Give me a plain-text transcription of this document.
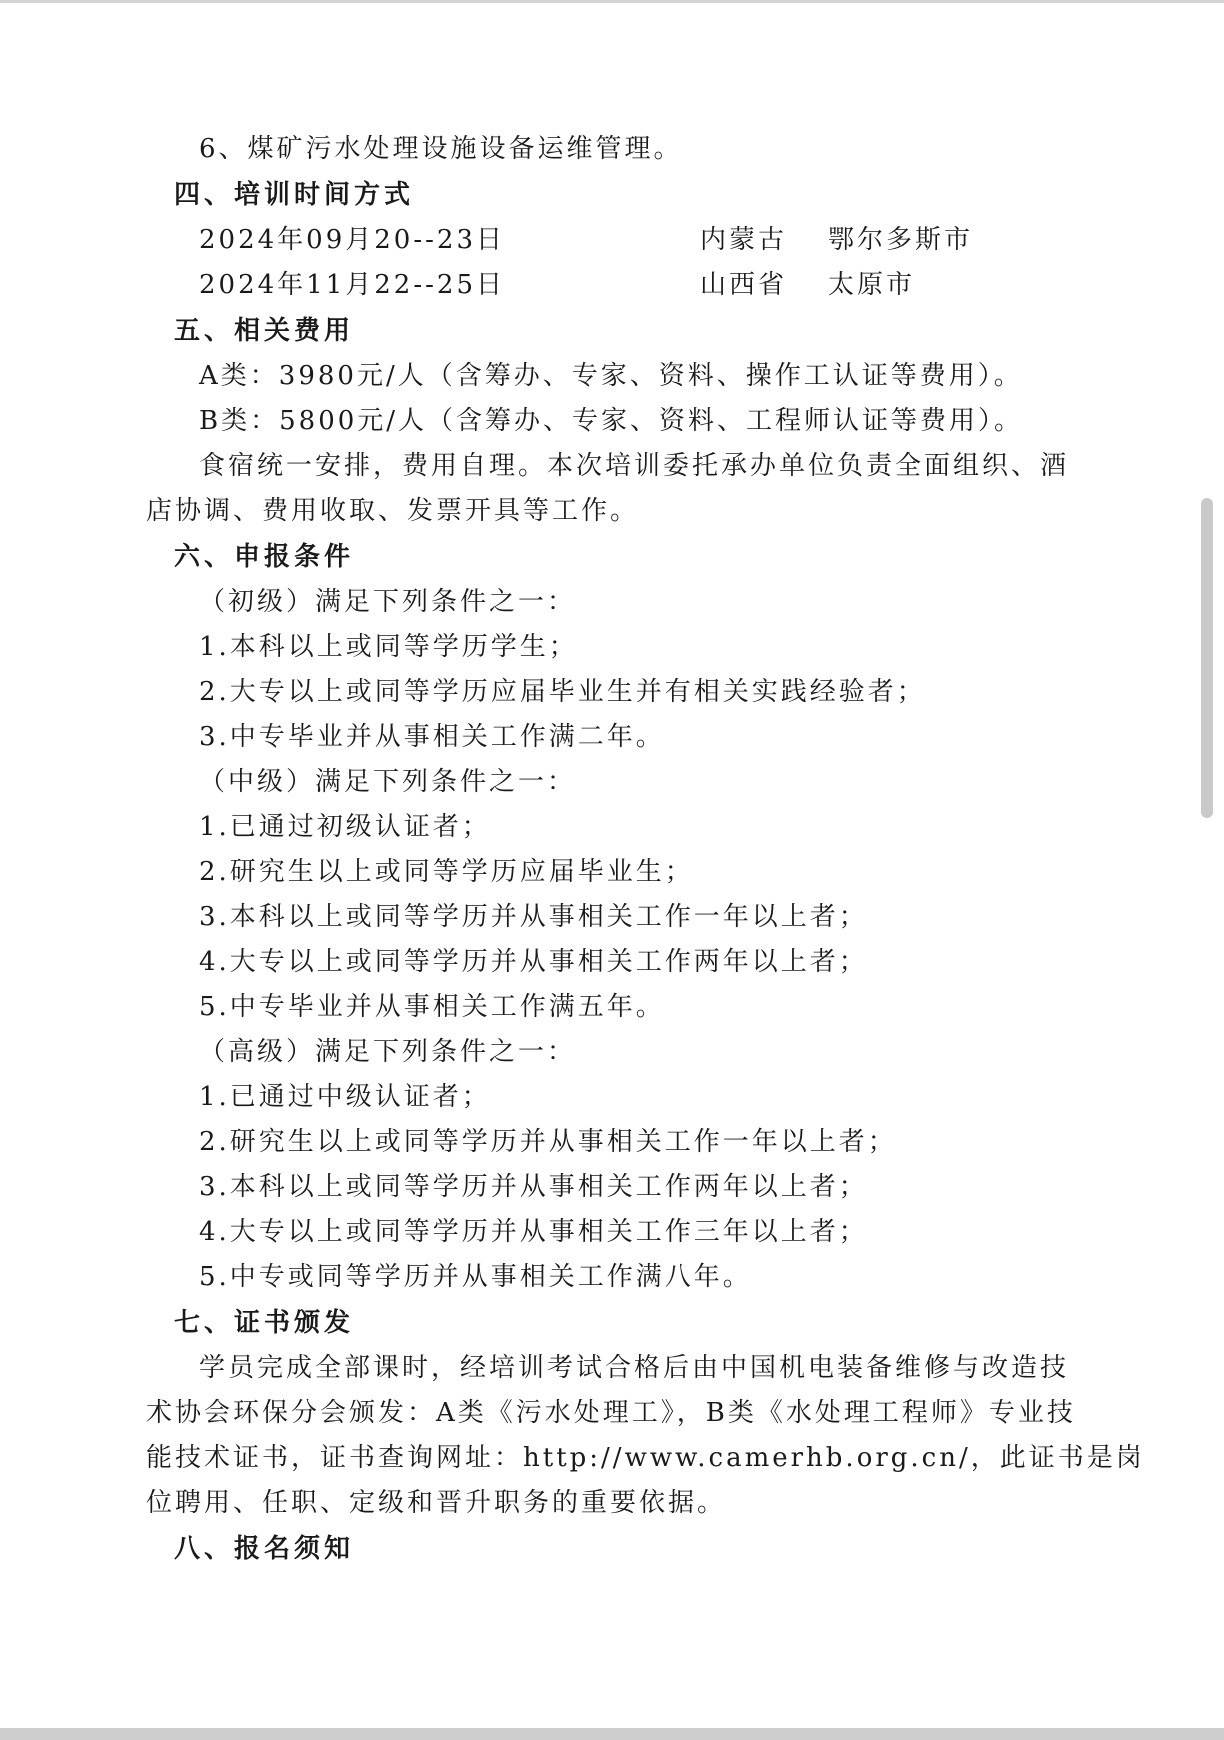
6、煤矿污水处理设施设备运维管理。
四、培训时间方式
2024年09月20--23日	内蒙古 鄂尔多斯市
2024年11月22--25日	山西省 太原市
五、相关费用
A类：3980元/人（含筹办、专家、资料、操作工认证等费用）。
B类：5800元/人（含筹办、专家、资料、工程师认证等费用）。
食宿统一安排，费用自理。本次培训委托承办单位负责全面组织、酒
店协调、费用收取、发票开具等工作。
六、申报条件
（初级）满足下列条件之一：
1.本科以上或同等学历学生；
2.大专以上或同等学历应届毕业生并有相关实践经验者；
3.中专毕业并从事相关工作满二年。
（中级）满足下列条件之一：
1.已通过初级认证者；
2.研究生以上或同等学历应届毕业生；
3.本科以上或同等学历并从事相关工作一年以上者；
4.大专以上或同等学历并从事相关工作两年以上者；
5.中专毕业并从事相关工作满五年。
（高级）满足下列条件之一：
1.已通过中级认证者；
2.研究生以上或同等学历并从事相关工作一年以上者；
3.本科以上或同等学历并从事相关工作两年以上者；
4.大专以上或同等学历并从事相关工作三年以上者；
5.中专或同等学历并从事相关工作满八年。
七、证书颁发
学员完成全部课时，经培训考试合格后由中国机电装备维修与改造技
术协会环保分会颁发：A类《污水处理工》，B类《水处理工程师》专业技
能技术证书，证书查询网址：http://www.camerhb.org.cn/，此证书是岗
位聘用、任职、定级和晋升职务的重要依据。
八、报名须知
